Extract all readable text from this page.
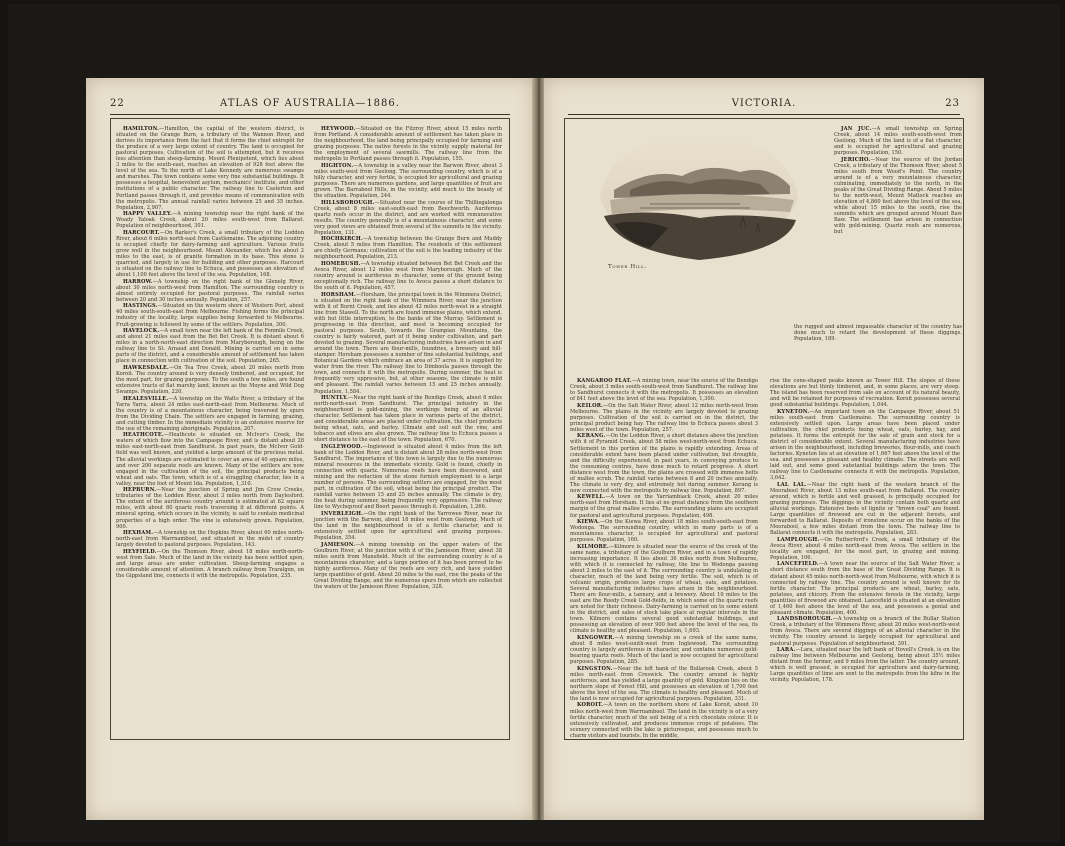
22	ATLAS OF AUSTRALIA—1886.

HAMILTON.—Hamilton, the capital of the western district, is situated on the Grange Burn, a tributary of the Wannon River, and derives its importance from the fact that it forms the chief entrepôt for the produce of a very large extent of country. The land is occupied for pastoral purposes. Cultivation of the soil is attempted, but it receives less attention than sheep-farming. Mount Plenipotent, which lies about 3 miles to the south-east, reaches an elevation of 928 feet above the level of the sea. To the north of Lake Kennedy are numerous swamps and marshes. The town contains some very fine substantial buildings. It possesses a hospital, benevolent asylum, mechanics' institute, and other institutions of a public character. The railway line to Casterton and Portland passes through it, and provides means of communication with the metropolis. The annual rainfall varies between 25 and 35 inches. Population, 2,907.

HAPPY VALLEY.—A mining township near the right bank of the Woady Yaloak Creek, about 20 miles south-west from Ballarat. Population of neighbourhood, 301.

HARCOURT.—On Barker's Creek, a small tributary of the Loddon River, about 6 miles north-east from Castlemaine. The adjoining country is occupied chiefly for dairy-farming and agriculture. Various fruits grow well in the neighbourhood. Mount Alexander, which lies about 2 miles to the east, is of granite formation in its base. This stone is quarried, and largely in use for building and other purposes. Harcourt is situated on the railway line to Echuca, and possesses an elevation of about 1,100 feet above the level of the sea. Population, 168.

HARROW.—A township on the right bank of the Glenelg River, about 30 miles north-west from Hamilton. The surrounding country is almost entirely occupied for pastoral purposes. The rainfall varies between 20 and 30 inches annually. Population, 257.

HASTINGS.—Situated on the western shore of Western Port, about 40 miles south-south-east from Melbourne. Fishing forms the principal industry of the locality, large supplies being forwarded to Melbourne. Fruit-growing is followed by some of the settlers. Population, 300.

HAVELOCK.—A small town near the left bank of the Fenmile Creek, and about 21 miles east from the Bet Bet Creek. It is distant about 6 miles in a north-north-east direction from Maryborough, being on the railway line to St. Arnaud and Donald. Mining is carried on in some parts of the district, and a considerable amount of settlement has taken place in connection with cultivation of the soil. Population, 265.

HAWKESDALE.—On Tea Tree Creek, about 20 miles north from Koroit. The country around is very densely timbered, and occupied, for the most part, for grazing purposes. To the south a few miles, are found extensive tracts of flat marshy land, known as the Moyne and Wild Dog Swamps. Population, 220.

HEALESVILLE.—A township on the Watts River, a tributary of the Yarra Yarra, about 24 miles east-north-east from Melbourne. Much of the country is of a mountainous character, being traversed by spurs from the Dividing Chain. The settlers are engaged in farming, grazing, and cutting timber. In the immediate vicinity is an extensive reserve for the use of the remaining aboriginals. Population, 207.

HEATHCOTE.—Heathcote is situated on McIvor's Creek, the waters of which flow into the Campaspe River, and is distant about 28 miles east-north-east from Sandhurst. In past years, the McIvor Gold-field was well known, and yielded a large amount of the precious metal. The alluvial workings are estimated to cover an area of 40 square miles, and over 200 separate reefs are known. Many of the settlers are now engaged in the cultivation of the soil, the principal products being wheat and oats. The town, which is of a straggling character, lies in a valley, near the foot of Mount Ida. Population, 1,310.

HEPBURN.—Near the junction of Spring and Jim Crow Creeks, tributaries of the Loddon River, about 3 miles north from Daylesford. The extent of the auriferous country around is estimated at 62 square miles, with about 80 quartz reefs traversing it at different points. A mineral spring, which occurs in the vicinity, is said to contain medicinal properties of a high order. The vine is extensively grown. Population, 900.

HEXHAM.—A township on the Hopkins River, about 60 miles north-north-east from Warrnambool, and situated in the midst of country largely devoted to pastoral purposes. Population, 143.

HEYFIELD.—On the Thomson River, about 18 miles north-north-west from Sale. Much of the land in the vicinity has been settled upon, and large areas are under cultivation. Sheep-farming engages a considerable amount of attention. A branch railway from Traralgon, on the Gippsland line, connects it with the metropolis. Population, 235.

HEYWOOD.—Situated on the Fitzroy River, about 15 miles north from Portland. A considerable amount of settlement has taken place in the neighbourhood, the land being principally occupied for farming and grazing purposes. The native forests in the vicinity supply material for the employment of several sawmills. The railway line from the metropolis to Portland passes through it. Population, 155.

HIGHTON.—A township in a valley near the Barwon River, about 3 miles south-west from Geelong. The surrounding country, which is of a hilly character, and very fertile, is occupied for agricultural and grazing purposes. There are numerous gardens, and large quantities of fruit are grown. The Barrabool Hills, in the vicinity, add much to the beauty of the situation. Population, 244.

HILLSBOROUGH.—Situated near the course of the Thilliegalonga Creek, about 8 miles east-south-east from Beechworth. Auriferous quartz reefs occur in the district, and are worked with remunerative results. The country generally is of a mountainous character, and some very good views are obtained from several of the summits in the vicinity. Population, 131.

HOCHKIRCH.—A township between the Grange Burn and Muddy Creek, about 5 miles from Hamilton. The residents of this settlement are chiefly Germans; cultivation of the soil is the leading industry of the neighbourhood. Population, 213.

HOMEBUSH.—A township situated between Bet Bet Creek and the Avoca River, about 12 miles west from Maryborough. Much of the country around is auriferous in character, some of the ground being exceptionally rich. The railway line to Avoca passes a short distance to the south of it. Population, 457.

HORSHAM.—Horsham, the principal town in the Wimmera District, is situated on the right bank of the Wimmera River, near the junction with it of Burnt Creek, and lies about 42 miles north-west in a straight line from Stawell. To the north are found immense plains, which extend, with but little interruption, to the banks of the Murray. Settlement is progressing in this direction, and most is becoming occupied for pastoral purposes. South, towards the Grampian Mountains, the country is fairly watered, part of it being under cultivation, and part devoted to grazing. Several manufacturing industries have arisen in and around the town. There are flour-mills, foundries, a brewery and bill-stamper. Horsham possesses a number of fine substantial buildings, and Botanical Gardens which embrace an area of 37 acres. It is supplied by water from the river. The railway line to Dimboola passes through the town, and connects it with the metropolis. During summer, the heat is frequently very oppressive, but, at other seasons, the climate is mild and pleasant. The rainfall varies between 15 and 25 inches annually. Population, 1,584.

HUNTLY.—Near the right bank of the Bendigo Creek, about 8 miles north-north-east from Sandhurst. The principal industry in the neighbourhood is gold-mining, the workings being of an alluvial character. Settlement has taken place in various parts of the district, and considerable areas are placed under cultivation, the chief products being wheat, oats, and barley. Climate and soil suit the vine, and tobacco and olives are also grown. The railway line to Echuca passes a short distance to the east of the town. Population, 670.

INGLEWOOD.—Inglewood is situated about 4 miles from the left bank of the Loddon River, and is distant about 28 miles north-west from Sandhurst. The importance of this town is largely due to the numerous mineral resources in the immediate vicinity. Gold is found, chiefly in connection with quartz. Numerous reefs have been discovered, and mining and the reduction of the stone furnish employment to a large number of persons. The surrounding settlers are engaged, for the most part, in cultivation of the soil, wheat being the principal product. The rainfall varies between 15 and 25 inches annually. The climate is dry, the heat during summer, being frequently very oppressive. The railway line to Wycheproof and Boort passes through it. Population, 1,266.

INVERLEIGH.—On the right bank of the Yarrowee River, near its junction with the Barwon, about 18 miles west from Geelong. Much of the land in the neighbourhood is of a fertile character, and is extensively settled upon for agricultural and grazing purposes. Population, 354.

JAMIESON.—A mining township on the upper waters of the Goulburn River, at the junction with it of the Jamieson River, about 38 miles south from Mansfield. Much of the surrounding country is of a mountainous character, and a large portion of it has been proved to be highly auriferous. Many of the reefs are very rich, and have yielded large quantities of gold. About 20 miles to the east, rise the peaks of the Great Dividing Range, and the numerous spurs from which are collected the waters of the Jamieson River. Population, 328.

VICTORIA.	23
Tower Hill.

JAN JUC.—A small township on Spring Creek, about 14 miles south-south-west from Geelong. Much of the land is of a flat character, and is occupied for agricultural and grazing purposes. Population, 150.

JERICHO.—Near the source of the Jordan Creek, a tributary of the Thomson River, about 5 miles south from Wood's Point. The country around is of a very mountainous character, culminating, immediately to the north, in the peaks of the Great Dividing Range. About 5 miles to the north-west, Mount Matlock reaches an elevation of 4,860 feet above the level of the sea, while about 15 miles to the south, rise the summits which are grouped around Mount Baw Baw. The settlement has arisen in connection with gold-mining. Quartz reefs are numerous, but

the rugged and almost impassable character of the country has done much to retard the development of these diggings. Population, 189.

KANGAROO FLAT.—A mining town, near the source of the Bendigo Creek, about 3 miles south-south-west from Sandhurst. The railway line to Sandhurst connects it with the metropolis. It possesses an elevation of 841 feet above the level of the sea. Population, 1,300.

KEILOR.—On the Salt Water River, about 12 miles north-west from Melbourne. The plains in the vicinity are largely devoted to grazing purposes. Cultivation of the soil is carried on in the district, the principal product being hay. The railway line to Echuca passes about 3 miles west of the town. Population, 257.

KERANG.—On the Loddon River, a short distance above the junction with it of Pyramid Creek, about 58 miles west-north-west from Echuca. Settlement in this portion of the plains is rapidly extending. Areas of considerable extent have been placed under cultivation, but droughts, and the difficulty experienced, in past years, in conveying produce to the consuming centres, have done much to retard progress. A short distance west from the town, the plains are crossed with immense belts of mallee scrub. The rainfall varies between 8 and 20 inches annually. The climate is very dry, and extremely hot during summer. Kerang is now connected with the metropolis by railway line. Population, 897.

KEWELL.—A town on the Yarriambiack Creek, about 20 miles north-east from Horsham. It lies at no great distance from the southern margin of the great mallee scrubs. The surrounding plains are occupied for pastoral and agricultural purposes. Population, 498.

KIEWA.—On the Kiewa River, about 18 miles south-south-east from Wodonga. The surrounding country, which in many parts is of a mountainous character, is occupied for agricultural and pastoral purposes. Population, 160.

KILMORE.—Kilmore is situated near the source of the creek of the same name, a tributary of the Goulburn River, and in a town of rapidly increasing importance. It lies about 36 miles north from Melbourne, with which it is connected by railway, the line to Wodonga passing about 2 miles to the east of it. The surrounding country is undulating in character, much of the land being very fertile. The soil, which is of volcanic origin, produces large crops of wheat, oats, and potatoes. Several manufacturing industries have arisen in the neighbourhood. There are flour-mills, a tannery, and a brewery. About 10 miles to the east are the Reedy Creek Gold-fields, in which some of the quartz reefs are noted for their richness. Dairy-farming is carried on to some extent in the district, and sales of stock take place at regular intervals in the town. Kilmore contains several good substantial buildings, and possessing an elevation of over 900 feet above the level of the sea, its climate is healthy and pleasant. Population, 1,693.

KINGOWER.—A mining township on a creek of the same name, about 8 miles west-south-west from Inglewood. The surrounding country is largely auriferous in character, and contains numerous gold-bearing quartz reefs. Much of the land is now occupied for agricultural purposes. Population, 285.

KINGSTON.—Near the left bank of the Bullarook Creek, about 5 miles north-east from Creswick. The country around is highly auriferous, and has yielded a large quantity of gold. Kingston lies on the northern slope of Forest Hill, and possesses an elevation of 1,700 feet above the level of the sea. The climate is healthy and pleasant. Much of the land is now occupied for agricultural purposes. Population, 331.

KOROIT.—A town on the northern shore of Lake Koroit, about 10 miles north-west from Warrnambool. The land in the vicinity is of a very fertile character, much of the soil being of a rich chocolate colour. It is extensively cultivated, and produces immense crops of potatoes. The scenery connected with the lake is picturesque, and possesses much to charm visitors and tourists. In the middle,

rise the cone-shaped peaks known as Tower Hill. The slopes of these elevations are but thinly timbered, and, in some places, are very steep. The island has been reserved from sale on account of its natural beauty, and will be retained for purposes of recreation. Koroit possesses several good substantial buildings. Population, 1,044.

KYNETON.—An important town on the Campaspe River, about 51 miles south-east from Castlemaine. The surrounding country is extensively settled upon. Large areas have been placed under cultivation, the chief products being wheat, oats, barley, hay, and potatoes. It forms the entrepôt for the sale of grain and stock for a district of considerable extent. Several manufacturing industries have arisen in the neighbourhood, including breweries, flour-mills, and coach factories. Kyneton lies at an elevation of 1,667 feet above the level of the sea, and possesses a pleasant and healthy climate. The streets are well laid out, and some good substantial buildings adorn the town. The railway line to Castlemaine connects it with the metropolis. Population, 3,642.

LAL LAL.—Near the right bank of the western branch of the Moorabool River, about 13 miles south-east from Ballarat. The country around, which is fertile and well grassed, is principally occupied for grazing purposes. The diggings in the vicinity contain both quartz and alluvial workings. Extensive beds of lignite or "brown coal" are found. Large quantities of firewood are cut in the adjacent forests, and forwarded to Ballarat. Deposits of ironstone occur on the banks of the Moorabool, a few miles distant from the town. The railway line to Ballarat connects it with the metropolis. Population, 283.

LAMPLOUGH.—On Rutherford's Creek, a small tributary of the Avoca River, about 4 miles north-east from Avoca. The settlers in the locality are engaged, for the most part, in grazing and mining. Population, 106.

LANCEFIELD.—A town near the source of the Salt Water River, a short distance south from the base of the Great Dividing Range. It is distant about 45 miles north-north-west from Melbourne, with which it is connected by railway line. The country around is well known for its fertile character. The principal products are wheat, barley, oats, potatoes, and chicory. From the extensive forests in the vicinity, large quantities of firewood are obtained. Lancefield is situated at an elevation of 1,460 feet above the level of the sea, and possesses a genial and pleasant climate. Population, 400.

LANDSBOROUGH.—A township on a branch of the Bullar Station Creek, a tributary of the Wimmera River, about 20 miles west-north-west from Avoca. There are several diggings of an alluvial character in the vicinity. The country around is largely occupied for agricultural and pastoral purposes. Population of neighbourhood, 391.

LARA.—Lara, situated near the left bank of Hovell's Creek, is on the railway line between Melbourne and Geelong, being about 35½ miles distant from the former, and 9 miles from the latter. The country around, which is well grassed, is occupied for agriculture and dairy-farming. Large quantities of lime are sent to the metropolis from the kilns in the vicinity. Population, 178.
